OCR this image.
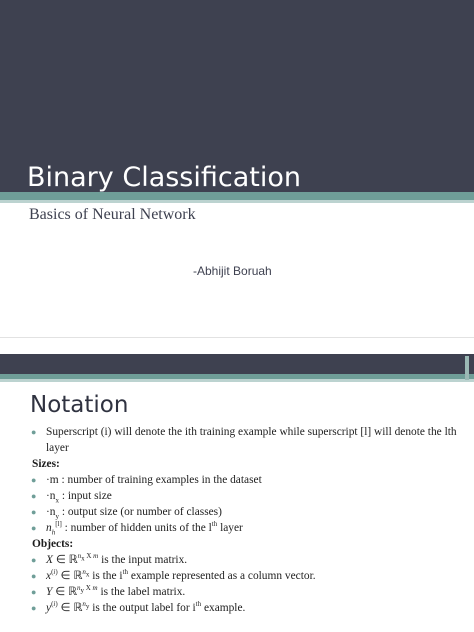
Binary Classification
Basics of Neural Network
-Abhijit Boruah
Notation
● Superscript (i) will denote the ith training example while superscript [l] will denote the lth layer
Sizes:
● ·m : number of training examples in the dataset
● $\cdot n_x$ : input size
● $\cdot n_y$ : output size (or number of classes)
● $n_h[l]$ : number of hidden units of the $l^{th}$ layer
Objects:
● X ∈ ℝ$^{n_x X m}$ is the input matrix.
● $x^{(i)}$ ∈ ℝ$^{n_x}$ is the $i^{th}$ example represented as a column vector.
● Y ∈ ℝ$^{n_y X m}$ is the label matrix.
● $y^{(i)}$ ∈ ℝ$^{n_y}$ is the output label for $i^{th}$ example.
